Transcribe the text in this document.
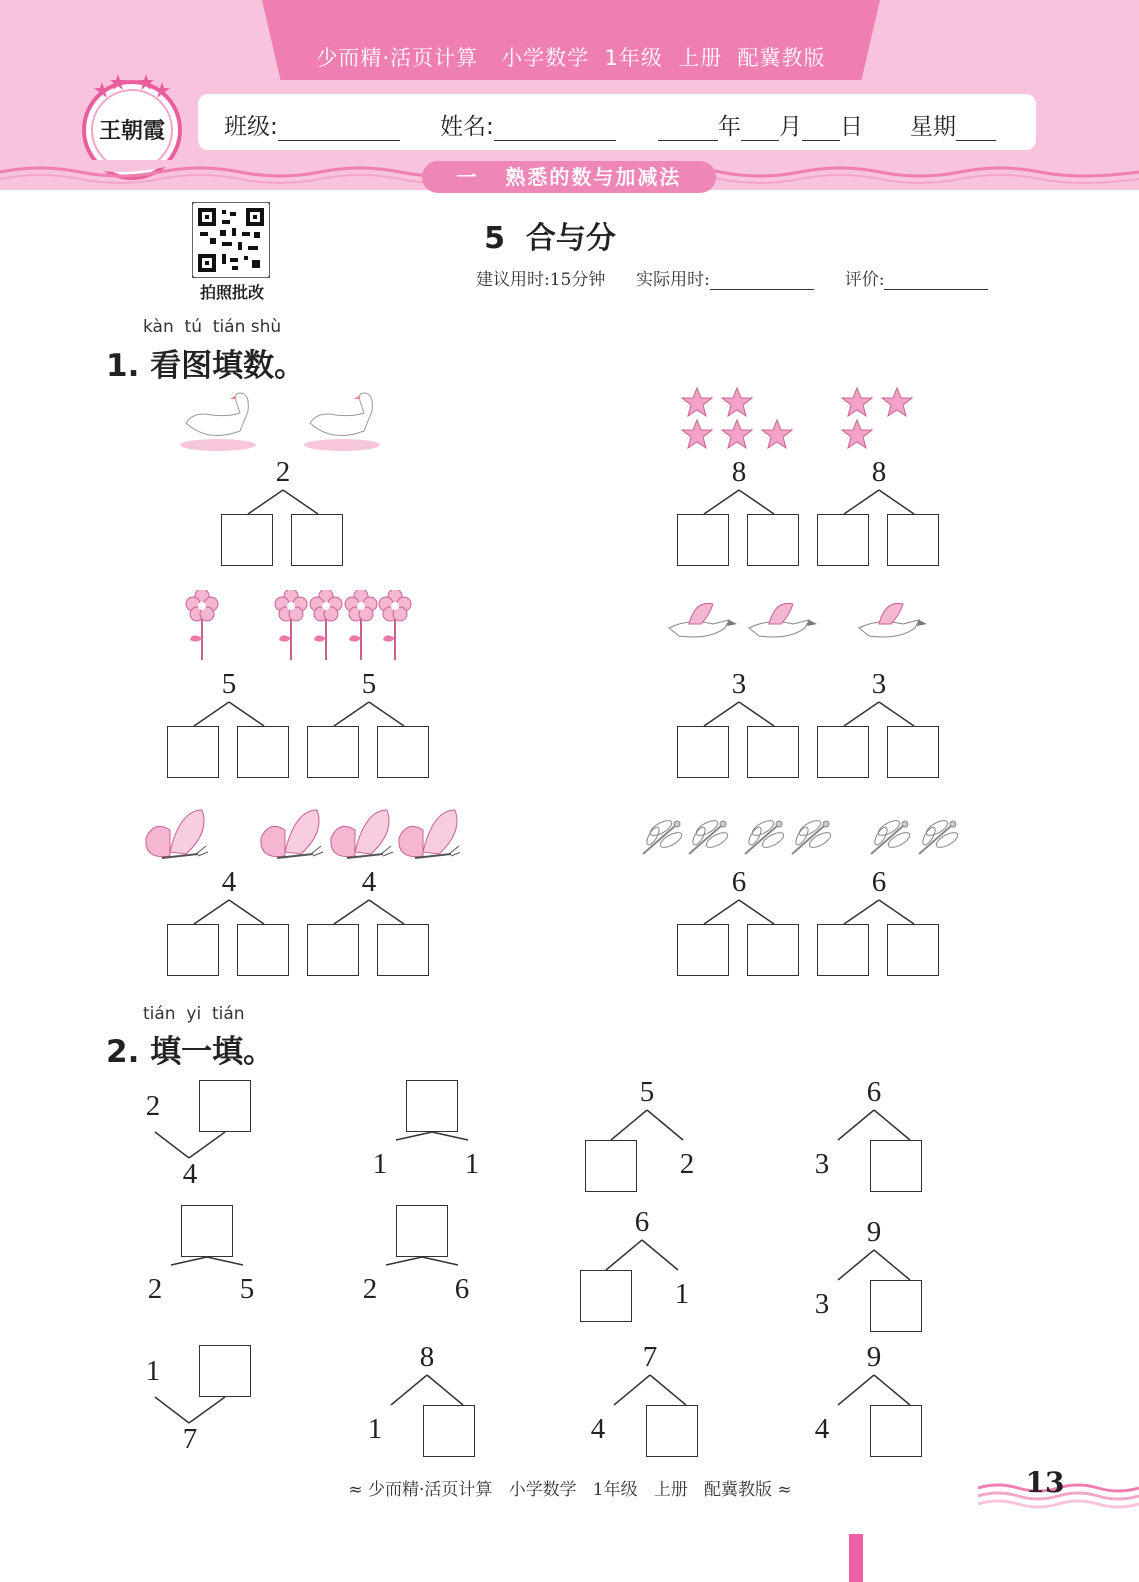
少而精·活页计算   小学数学  1年级  上册  配冀教版
王朝霞	班级:	姓名:	年 月 日 星期
一   熟悉的数与加减法
拍照批改
5  合与分
建议用时:15分钟 实际用时:	评价:
kàn  tú  tián shù
1. 看图填数。
2	8	8
5	5	3	3
4	4	6	6
tián  yi  tián
2. 填一填。
2
4	1	1
5
2
6
3
2	5	2	6
6
1
9
3
1
7
8
1
7
4
9
4
≈ 少而精·活页计算   小学数学   1年级   上册   配冀教版 ≈	13
